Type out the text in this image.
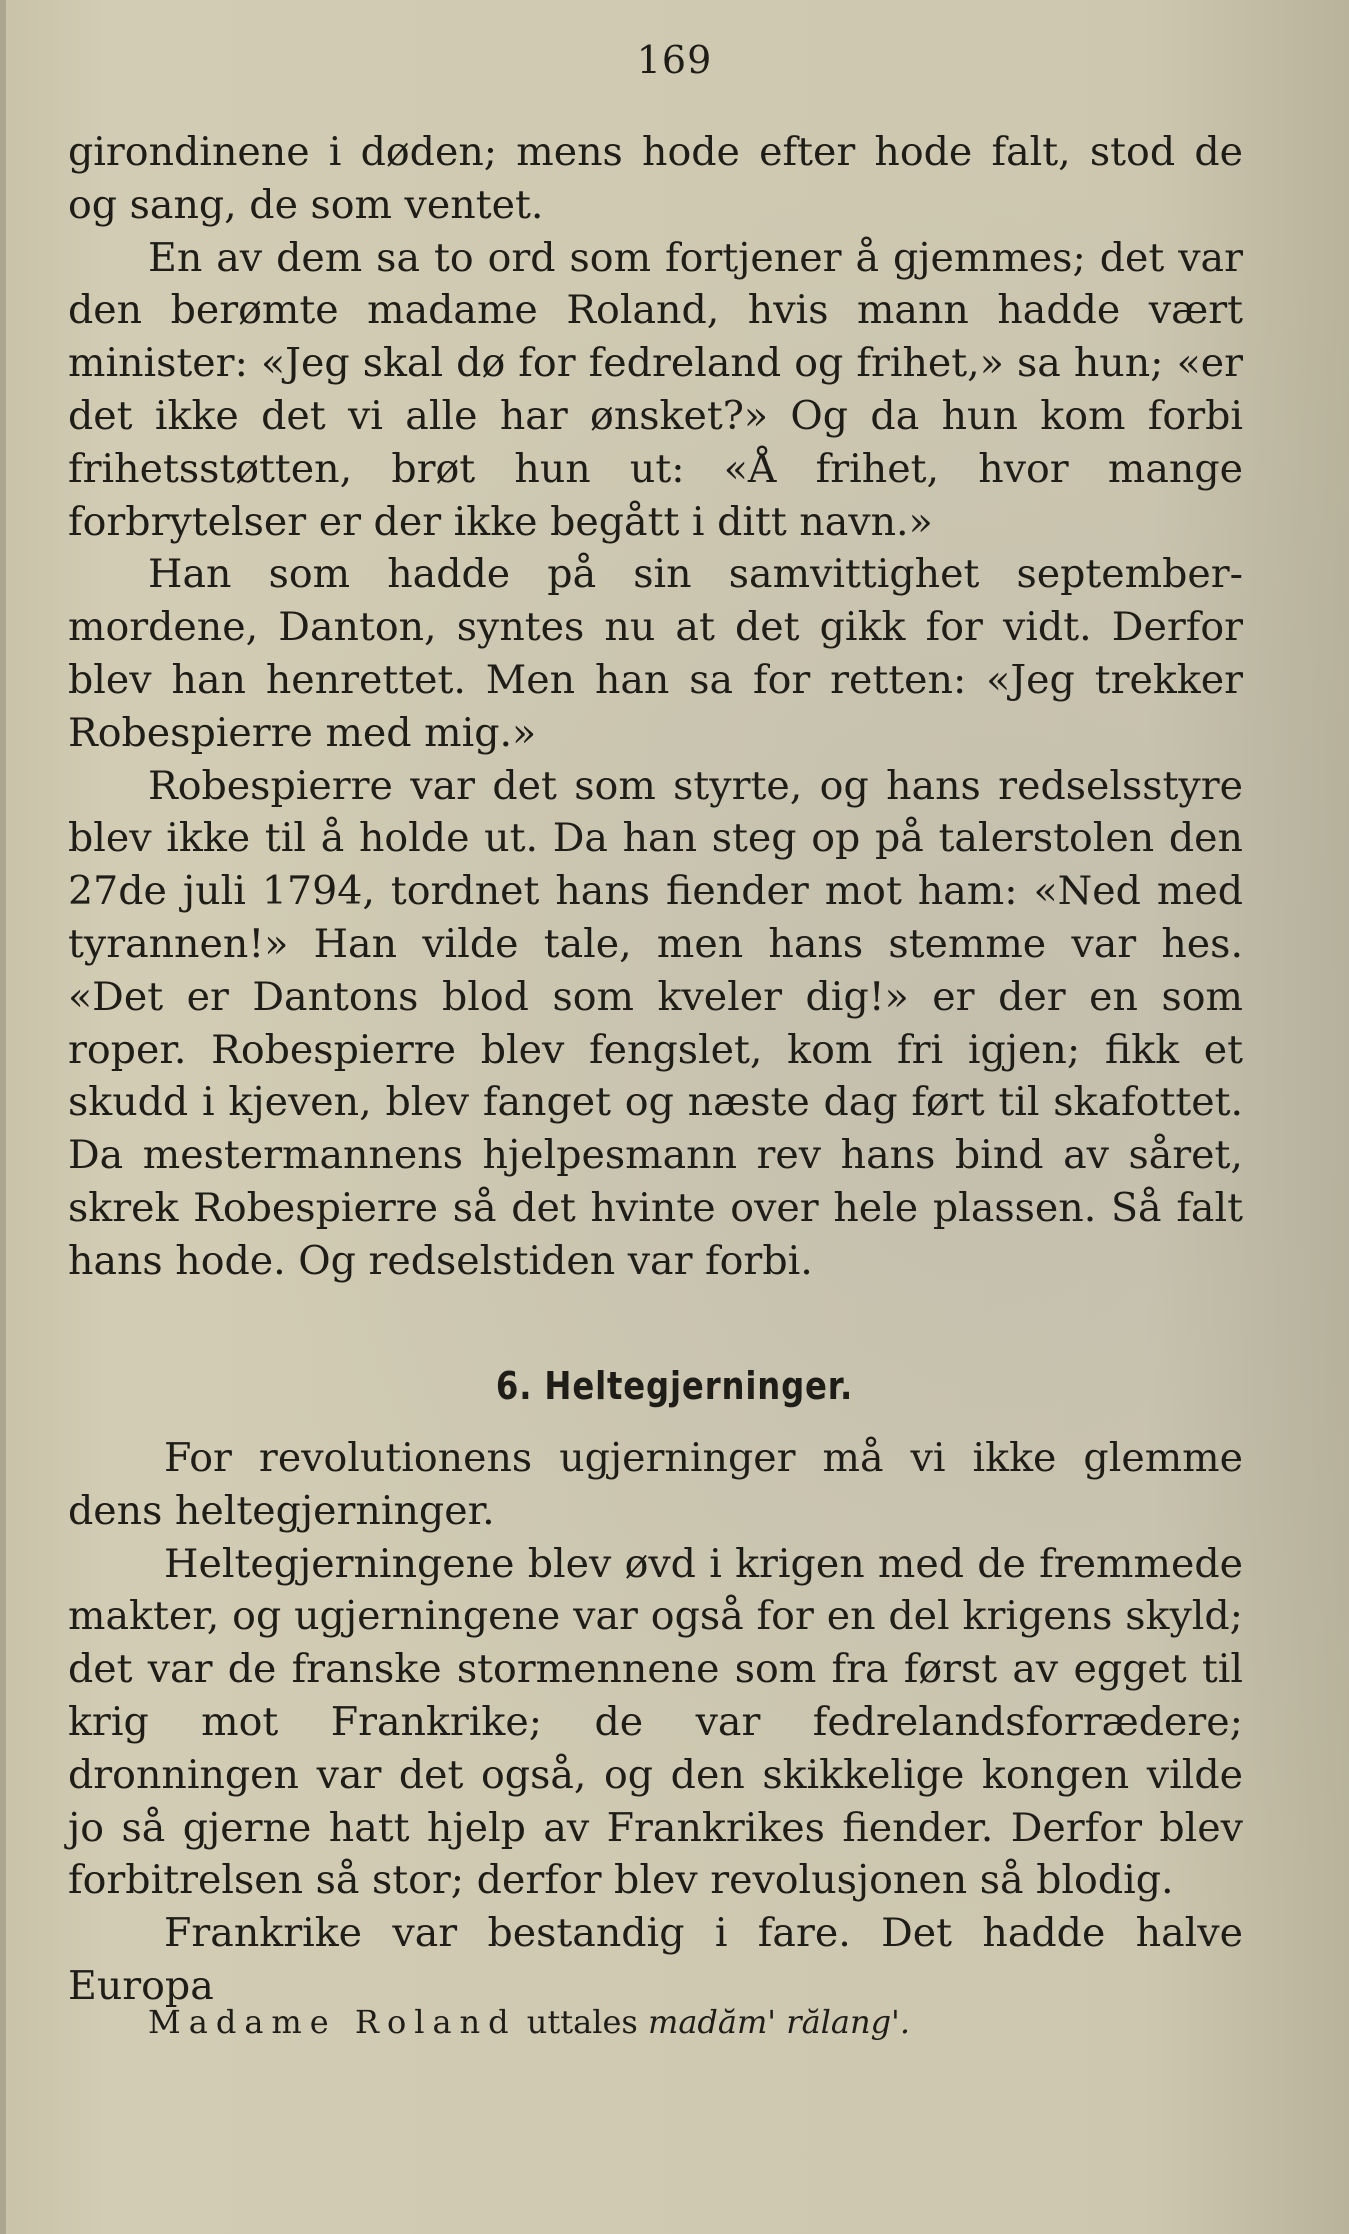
169

girondinene i døden; mens hode efter hode falt, stod de og sang, de som ventet.

En av dem sa to ord som fortjener å gjemmes; det var den berømte madame Roland, hvis mann hadde vært minister: «Jeg skal dø for fedreland og frihet,» sa hun; «er det ikke det vi alle har ønsket?» Og da hun kom forbi frihetsstøtten, brøt hun ut: «Å frihet, hvor mange forbrytelser er der ikke begått i ditt navn.»

Han som hadde på sin samvittighet september-mordene, Danton, syntes nu at det gikk for vidt. Derfor blev han henrettet. Men han sa for retten: «Jeg trekker Robespierre med mig.»

Robespierre var det som styrte, og hans redselsstyre blev ikke til å holde ut. Da han steg op på talerstolen den 27de juli 1794, tordnet hans fiender mot ham: «Ned med tyrannen!» Han vilde tale, men hans stemme var hes. «Det er Dantons blod som kveler dig!» er der en som roper. Robespierre blev fengslet, kom fri igjen; fikk et skudd i kjeven, blev fanget og næste dag ført til skafottet. Da mestermannens hjelpesmann rev hans bind av såret, skrek Robespierre så det hvinte over hele plassen. Så falt hans hode. Og redselstiden var forbi.

6. Heltegjerninger.

For revolutionens ugjerninger må vi ikke glemme dens heltegjerninger.

Heltegjerningene blev øvd i krigen med de fremmede makter, og ugjerningene var også for en del krigens skyld; det var de franske stormennene som fra først av egget til krig mot Frankrike; de var fedrelandsforrædere; dronningen var det også, og den skikkelige kongen vilde jo så gjerne hatt hjelp av Frankrikes fiender. Derfor blev forbitrelsen så stor; derfor blev revolusjonen så blodig.

Frankrike var bestandig i fare. Det hadde halve Europa

Madame Roland uttales madăm' rălang'.
